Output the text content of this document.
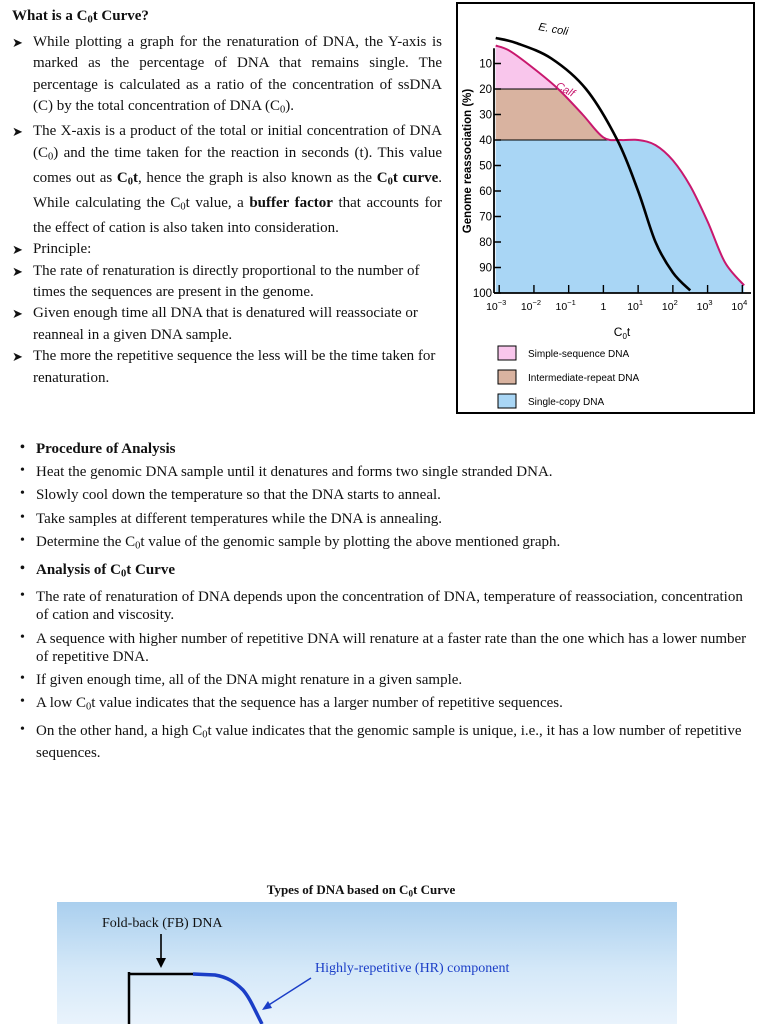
What is a $C_0t$ Curve?
➤ While plotting a graph for the renaturation of DNA, the Y-axis is marked as the percentage of DNA that remains single. The percentage is calculated as a ratio of the concentration of ssDNA (C) by the total concentration of DNA $(C_0)$.
➤ The X-axis is a product of the total or initial concentration of DNA $(C_0)$ and the time taken for the reaction in seconds (t). This value comes out as $C_0t$, hence the graph is also known as the $C_0t$ curve. While calculating the $C_0t$ value, a buffer factor that accounts for the effect of cation is also taken into consideration.
➤ Principle:
➤ The rate of renaturation is directly proportional to the number of times the sequences are present in the genome.
➤ Given enough time all DNA that is denatured will reassociate or reanneal in a given DNA sample.
➤ The more the repetitive sequence the less will be the time taken for renaturation.
E. coli
Calf
10
20
30
40
50
60
70
80
90
100
$10^{-3}$ $10^{-2}$ $10^{-1}$ 1 $10^1$ $10^2$ $10^3$ $10^4$
Simple-sequence DNA
Intermediate-repeat DNA
Single-copy DNA
Genome reassociation (%)
$C_0t$
• Procedure of Analysis
• Heat the genomic DNA sample until it denatures and forms two single stranded DNA.
• Slowly cool down the temperature so that the DNA starts to anneal.
• Take samples at different temperatures while the DNA is annealing.
• Determine the $C_0t$ value of the genomic sample by plotting the above mentioned graph.
• Analysis of $C_0t$ Curve
• The rate of renaturation of DNA depends upon the concentration of DNA, temperature of reassociation, concentration of cation and viscosity.
• A sequence with higher number of repetitive DNA will renature at a faster rate than the one which has a lower number of repetitive DNA.
• If given enough time, all of the DNA might renature in a given sample.
• A low $C_0t$ value indicates that the sequence has a larger number of repetitive sequences.
• On the other hand, a high $C_0t$ value indicates that the genomic sample is unique, i.e., it has a low number of repetitive sequences.
Types of DNA based on $C_0t$ Curve
Fold-back (FB) DNA
Highly-repetitive (HR) component
